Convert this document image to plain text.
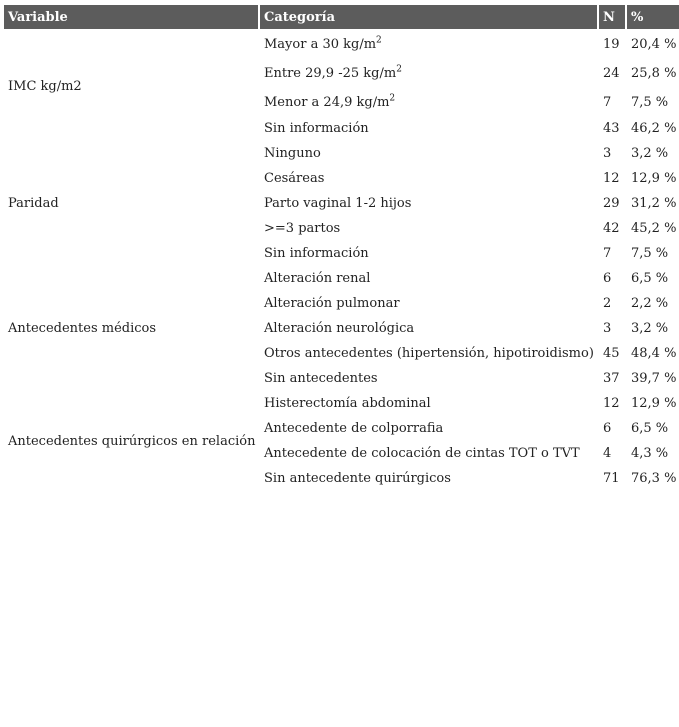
Variable	Categoría	N	%
IMC kg/m2	Mayor a 30 $kg/m^2$	19	20,4 %
	Entre 29,9 -25 $kg/m^2$	24	25,8 %
	Menor a 24,9 $kg/m^2$	7	7,5 %
	Sin información	43	46,2 %
Paridad	Ninguno	3	3,2 %
	Cesáreas	12	12,9 %
	Parto vaginal 1-2 hijos	29	31,2 %
	>=3 partos	42	45,2 %
	Sin información	7	7,5 %
Antecedentes médicos	Alteración renal	6	6,5 %
	Alteración pulmonar	2	2,2 %
	Alteración neurológica	3	3,2 %
	Otros antecedentes (hipertensión, hipotiroidismo)	45	48,4 %
	Sin antecedentes	37	39,7 %
Antecedentes quirúrgicos en relación	Histerectomía abdominal	12	12,9 %
	Antecedente de colporrafia	6	6,5 %
	Antecedente de colocación de cintas TOT o TVT	4	4,3 %
	Sin antecedente quirúrgicos	71	76,3 %
